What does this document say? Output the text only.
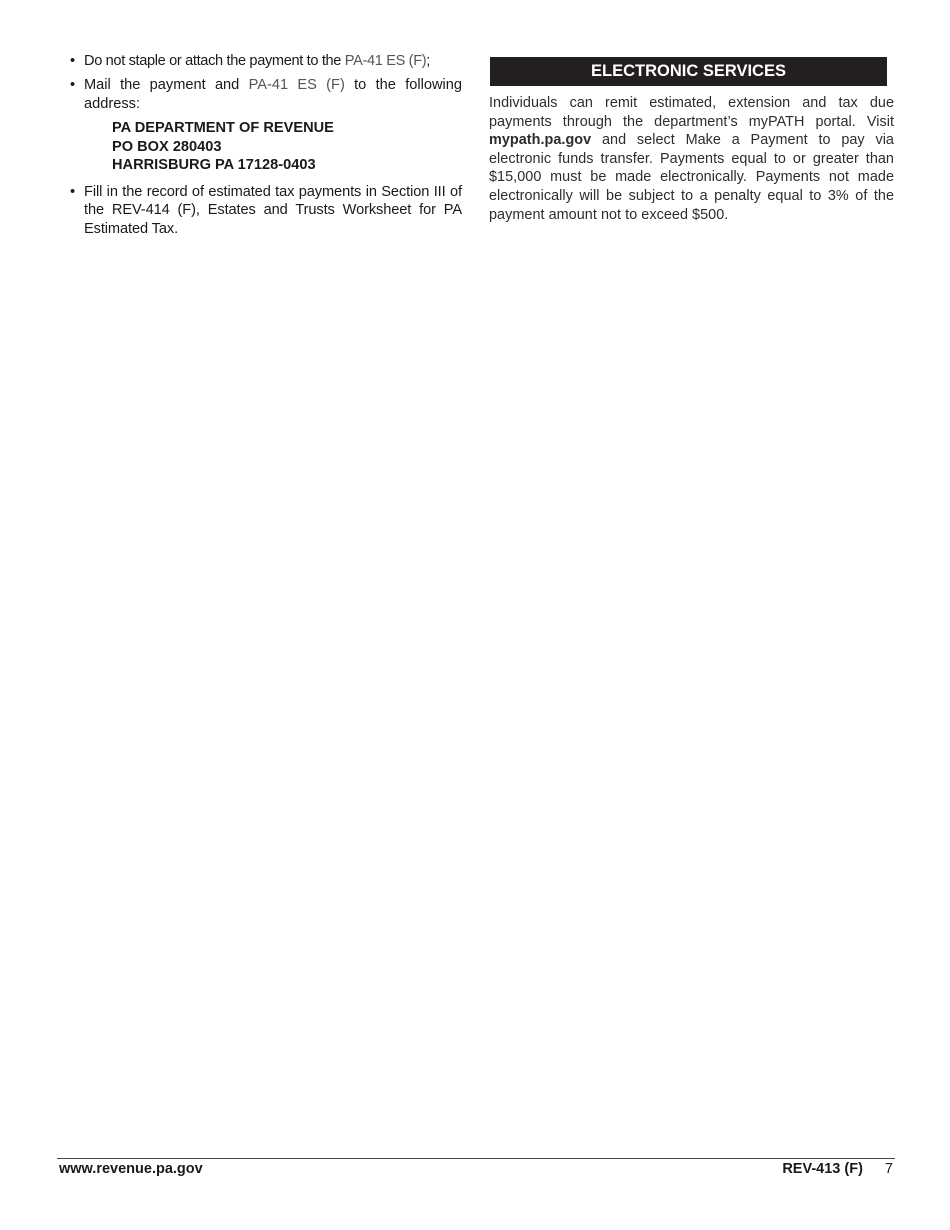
• Do not staple or attach the payment to the PA-41 ES (F);
• Mail the payment and PA-41 ES (F) to the following address:
PA DEPARTMENT OF REVENUE
PO BOX 280403
HARRISBURG PA 17128-0403
• Fill in the record of estimated tax payments in Section III of the REV-414 (F), Estates and Trusts Worksheet for PA Estimated Tax.
ELECTRONIC SERVICES

Individuals can remit estimated, extension and tax due payments through the department’s myPATH portal. Visit mypath.pa.gov and select Make a Payment to pay via electronic funds transfer. Payments equal to or greater than $15,000 must be made electronically. Payments not made electronically will be subject to a penalty equal to 3% of the payment amount not to exceed $500.

www.revenue.pa.gov	REV-413 (F) 7
